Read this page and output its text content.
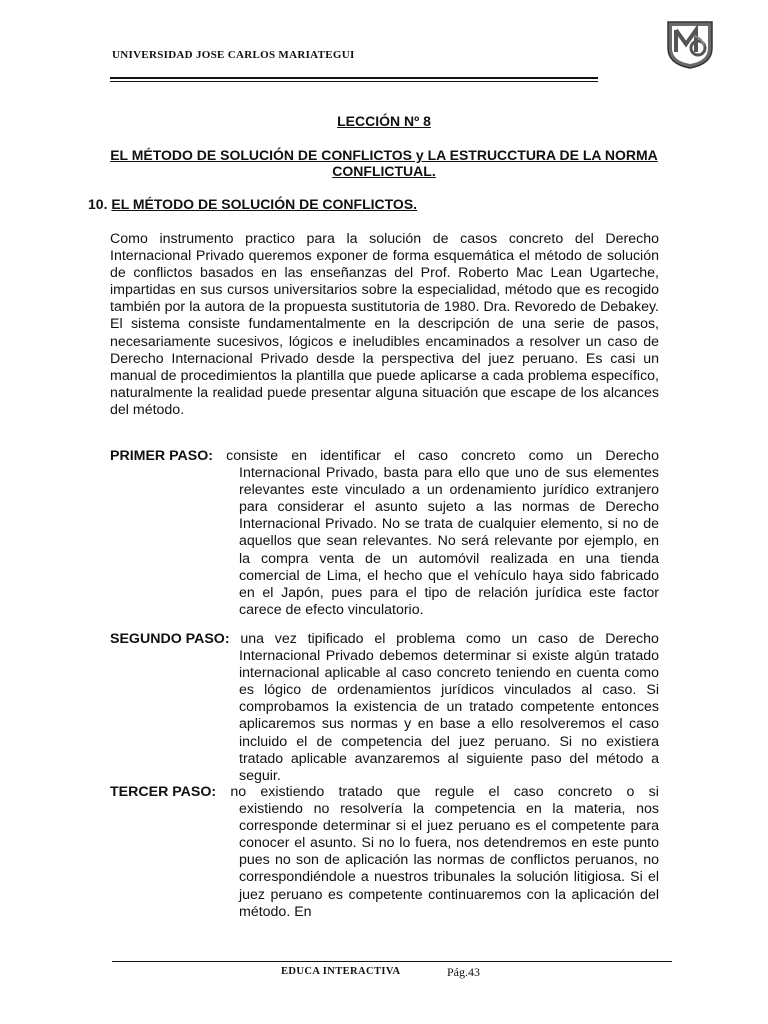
UNIVERSIDAD JOSE CARLOS MARIATEGUI
LECCIÓN Nº 8
EL MÉTODO DE SOLUCIÓN DE CONFLICTOS y LA ESTRUCCTURA DE LA NORMA CONFLICTUAL.
10. EL MÉTODO DE SOLUCIÓN DE CONFLICTOS.
Como instrumento practico para la solución de casos concreto del Derecho Internacional Privado queremos exponer de forma esquemática el método de solución de conflictos basados en las enseñanzas del Prof. Roberto Mac Lean Ugarteche, impartidas en sus cursos universitarios sobre la especialidad, método que es recogido también por la autora de la propuesta sustitutoria de 1980. Dra. Revoredo de Debakey. El sistema consiste fundamentalmente en la descripción de una serie de pasos, necesariamente sucesivos, lógicos e ineludibles encaminados a resolver un caso de Derecho Internacional Privado desde la perspectiva del juez peruano. Es casi un manual de procedimientos la plantilla que puede aplicarse a cada problema específico, naturalmente la realidad puede presentar alguna situación que escape de los alcances del método.
PRIMER PASO: consiste en identificar el caso concreto como un Derecho
Internacional Privado, basta para ello que uno de sus elementes relevantes este vinculado a un ordenamiento jurídico extranjero para considerar el asunto sujeto a las normas de Derecho Internacional Privado. No se trata de cualquier elemento, si no de aquellos que sean relevantes. No será relevante por ejemplo, en la compra venta de un automóvil realizada en una tienda comercial de Lima, el hecho que el vehículo haya sido fabricado en el Japón, pues para el tipo de relación jurídica este factor carece de efecto vinculatorio.
SEGUNDO PASO: una vez tipificado el problema como un caso de Derecho
Internacional Privado debemos determinar si existe algún tratado internacional aplicable al caso concreto teniendo en cuenta como es lógico de ordenamientos jurídicos vinculados al caso. Si comprobamos la existencia de un tratado competente entonces aplicaremos sus normas y en base a ello resolveremos el caso incluido el de competencia del juez peruano. Si no existiera tratado aplicable avanzaremos al siguiente paso del método a seguir.
TERCER PASO: no existiendo tratado que regule el caso concreto o si
existiendo no resolvería la competencia en la materia, nos corresponde determinar si el juez peruano es el competente para conocer el asunto. Si no lo fuera, nos detendremos en este punto pues no son de aplicación las normas de conflictos peruanos, no correspondiéndole a nuestros tribunales la solución litigiosa. Si el juez peruano es competente continuaremos con la aplicación del método. En
EDUCA INTERACTIVA	Pág.43
